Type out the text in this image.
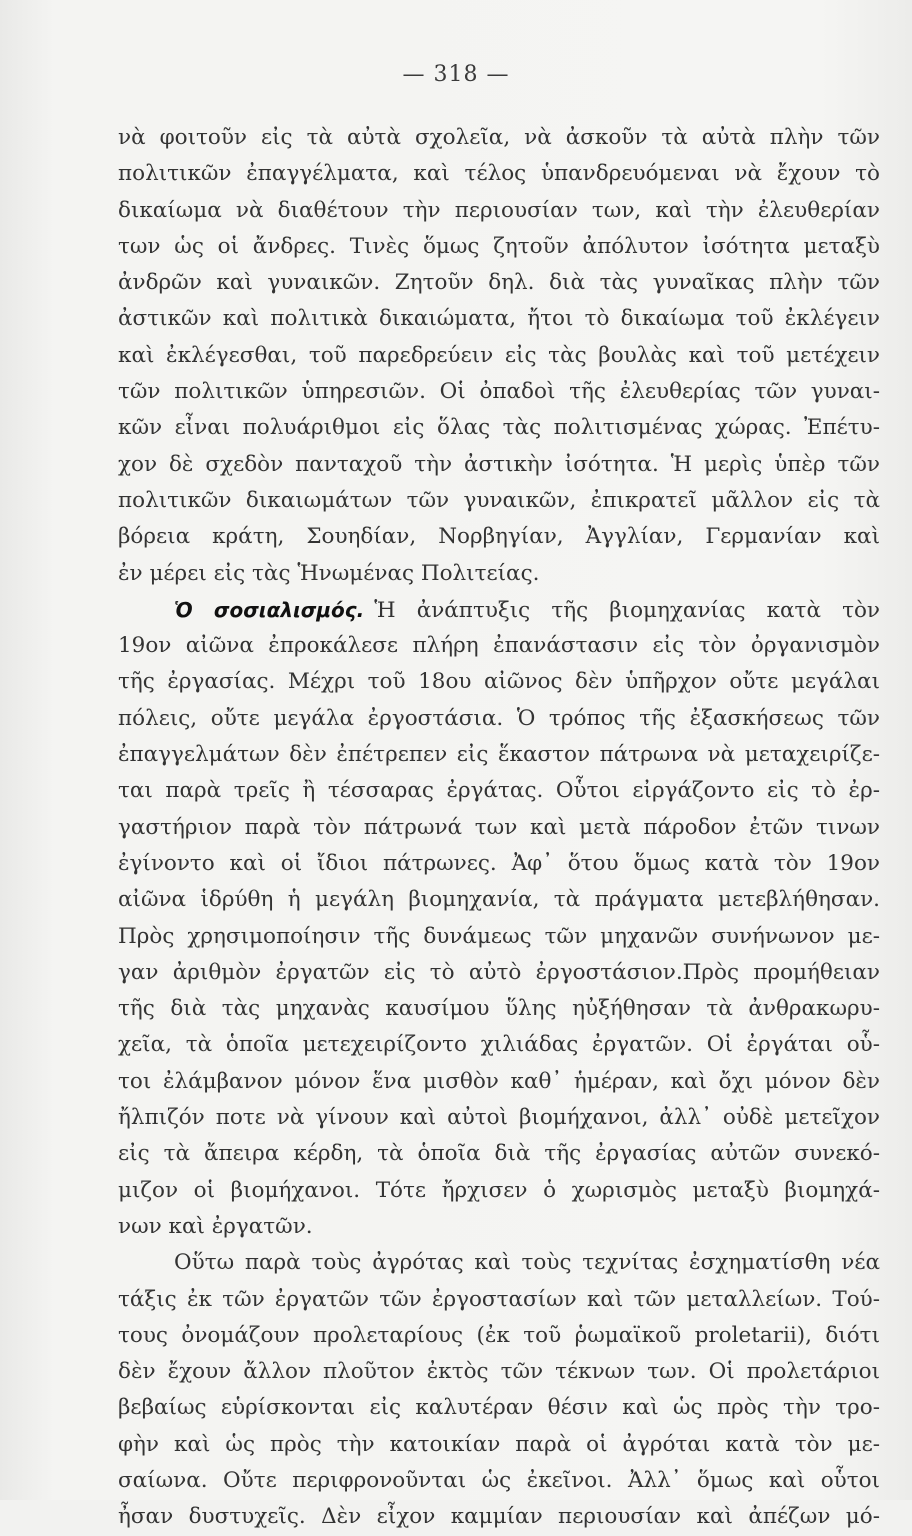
— 318 —
νὰ φοιτοῦν εἰς τὰ αὐτὰ σχολεῖα, νὰ ἀσκοῦν τὰ αὐτὰ πλὴν τῶν
πολιτικῶν ἐπαγγέλματα, καὶ τέλος ὑπανδρευόμεναι νὰ ἔχουν τὸ
δικαίωμα νὰ διαθέτουν τὴν περιουσίαν των, καὶ τὴν ἐλευθερίαν
των ὡς οἱ ἄνδρες. Τινὲς ὅμως ζητοῦν ἀπόλυτον ἰσότητα μεταξὺ
ἀνδρῶν καὶ γυναικῶν. Ζητοῦν δηλ. διὰ τὰς γυναῖκας πλὴν τῶν
ἀστικῶν καὶ πολιτικὰ δικαιώματα, ἤτοι τὸ δικαίωμα τοῦ ἐκλέγειν
καὶ ἐκλέγεσθαι, τοῦ παρεδρεύειν εἰς τὰς βουλὰς καὶ τοῦ μετέχειν
τῶν πολιτικῶν ὑπηρεσιῶν. Οἱ ὀπαδοὶ τῆς ἐλευθερίας τῶν γυναι-
κῶν εἶναι πολυάριθμοι εἰς ὅλας τὰς πολιτισμένας χώρας. Ἐπέτυ-
χον δὲ σχεδὸν πανταχοῦ τὴν ἀστικὴν ἰσότητα. Ἡ μερὶς ὑπὲρ τῶν
πολιτικῶν δικαιωμάτων τῶν γυναικῶν, ἐπικρατεῖ μᾶλλον εἰς τὰ
βόρεια κράτη, Σουηδίαν, Νορβηγίαν, Ἀγγλίαν, Γερμανίαν καὶ
ἐν μέρει εἰς τὰς Ἡνωμένας Πολιτείας.
Ὁ σοσιαλισμός. Ἡ ἀνάπτυξις τῆς βιομηχανίας κατὰ τὸν
19ον αἰῶνα ἐπροκάλεσε πλήρη ἐπανάστασιν εἰς τὸν ὀργανισμὸν
τῆς ἐργασίας. Μέχρι τοῦ 18ου αἰῶνος δὲν ὑπῆρχον οὔτε μεγάλαι
πόλεις, οὔτε μεγάλα ἐργοστάσια. Ὁ τρόπος τῆς ἐξασκήσεως τῶν
ἐπαγγελμάτων δὲν ἐπέτρεπεν εἰς ἕκαστον πάτρωνα νὰ μεταχειρίζε-
ται παρὰ τρεῖς ἢ τέσσαρας ἐργάτας. Οὗτοι εἰργάζοντο εἰς τὸ ἐρ-
γαστήριον παρὰ τὸν πάτρωνά των καὶ μετὰ πάροδον ἐτῶν τινων
ἐγίνοντο καὶ οἱ ἴδιοι πάτρωνες. Ἀφ᾿ ὅτου ὅμως κατὰ τὸν 19ον
αἰῶνα ἱδρύθη ἡ μεγάλη βιομηχανία, τὰ πράγματα μετεβλήθησαν.
Πρὸς χρησιμοποίησιν τῆς δυνάμεως τῶν μηχανῶν συνήνωνον με-
γαν ἀριθμὸν ἐργατῶν εἰς τὸ αὐτὸ ἐργοστάσιον.Πρὸς προμήθειαν
τῆς διὰ τὰς μηχανὰς καυσίμου ὕλης ηὐξήθησαν τὰ ἀνθρακωρυ-
χεῖα, τὰ ὁποῖα μετεχειρίζοντο χιλιάδας ἐργατῶν. Οἱ ἐργάται οὗ-
τοι ἐλάμβανον μόνον ἕνα μισθὸν καθ᾿ ἡμέραν, καὶ ὄχι μόνον δὲν
ἤλπιζόν ποτε νὰ γίνουν καὶ αὐτοὶ βιομήχανοι, ἀλλ᾿ οὐδὲ μετεῖχον
εἰς τὰ ἄπειρα κέρδη, τὰ ὁποῖα διὰ τῆς ἐργασίας αὐτῶν συνεκό-
μιζον οἱ βιομήχανοι. Τότε ἤρχισεν ὁ χωρισμὸς μεταξὺ βιομηχά-
νων καὶ ἐργατῶν.
Οὕτω παρὰ τοὺς ἀγρότας καὶ τοὺς τεχνίτας ἐσχηματίσθη νέα
τάξις ἐκ τῶν ἐργατῶν τῶν ἐργοστασίων καὶ τῶν μεταλλείων. Τού-
τους ὀνομάζουν προλεταρίους (ἐκ τοῦ ῥωμαϊκοῦ proletarii), διότι
δὲν ἔχουν ἄλλον πλοῦτον ἐκτὸς τῶν τέκνων των. Οἱ προλετάριοι
βεβαίως εὑρίσκονται εἰς καλυτέραν θέσιν καὶ ὡς πρὸς τὴν τρο-
φὴν καὶ ὡς πρὸς τὴν κατοικίαν παρὰ οἱ ἀγρόται κατὰ τὸν με-
σαίωνα. Οὔτε περιφρονοῦνται ὡς ἐκεῖνοι. Ἀλλ᾿ ὅμως καὶ οὗτοι
ἦσαν δυστυχεῖς. Δὲν εἶχον καμμίαν περιουσίαν καὶ ἀπέζων μό-
